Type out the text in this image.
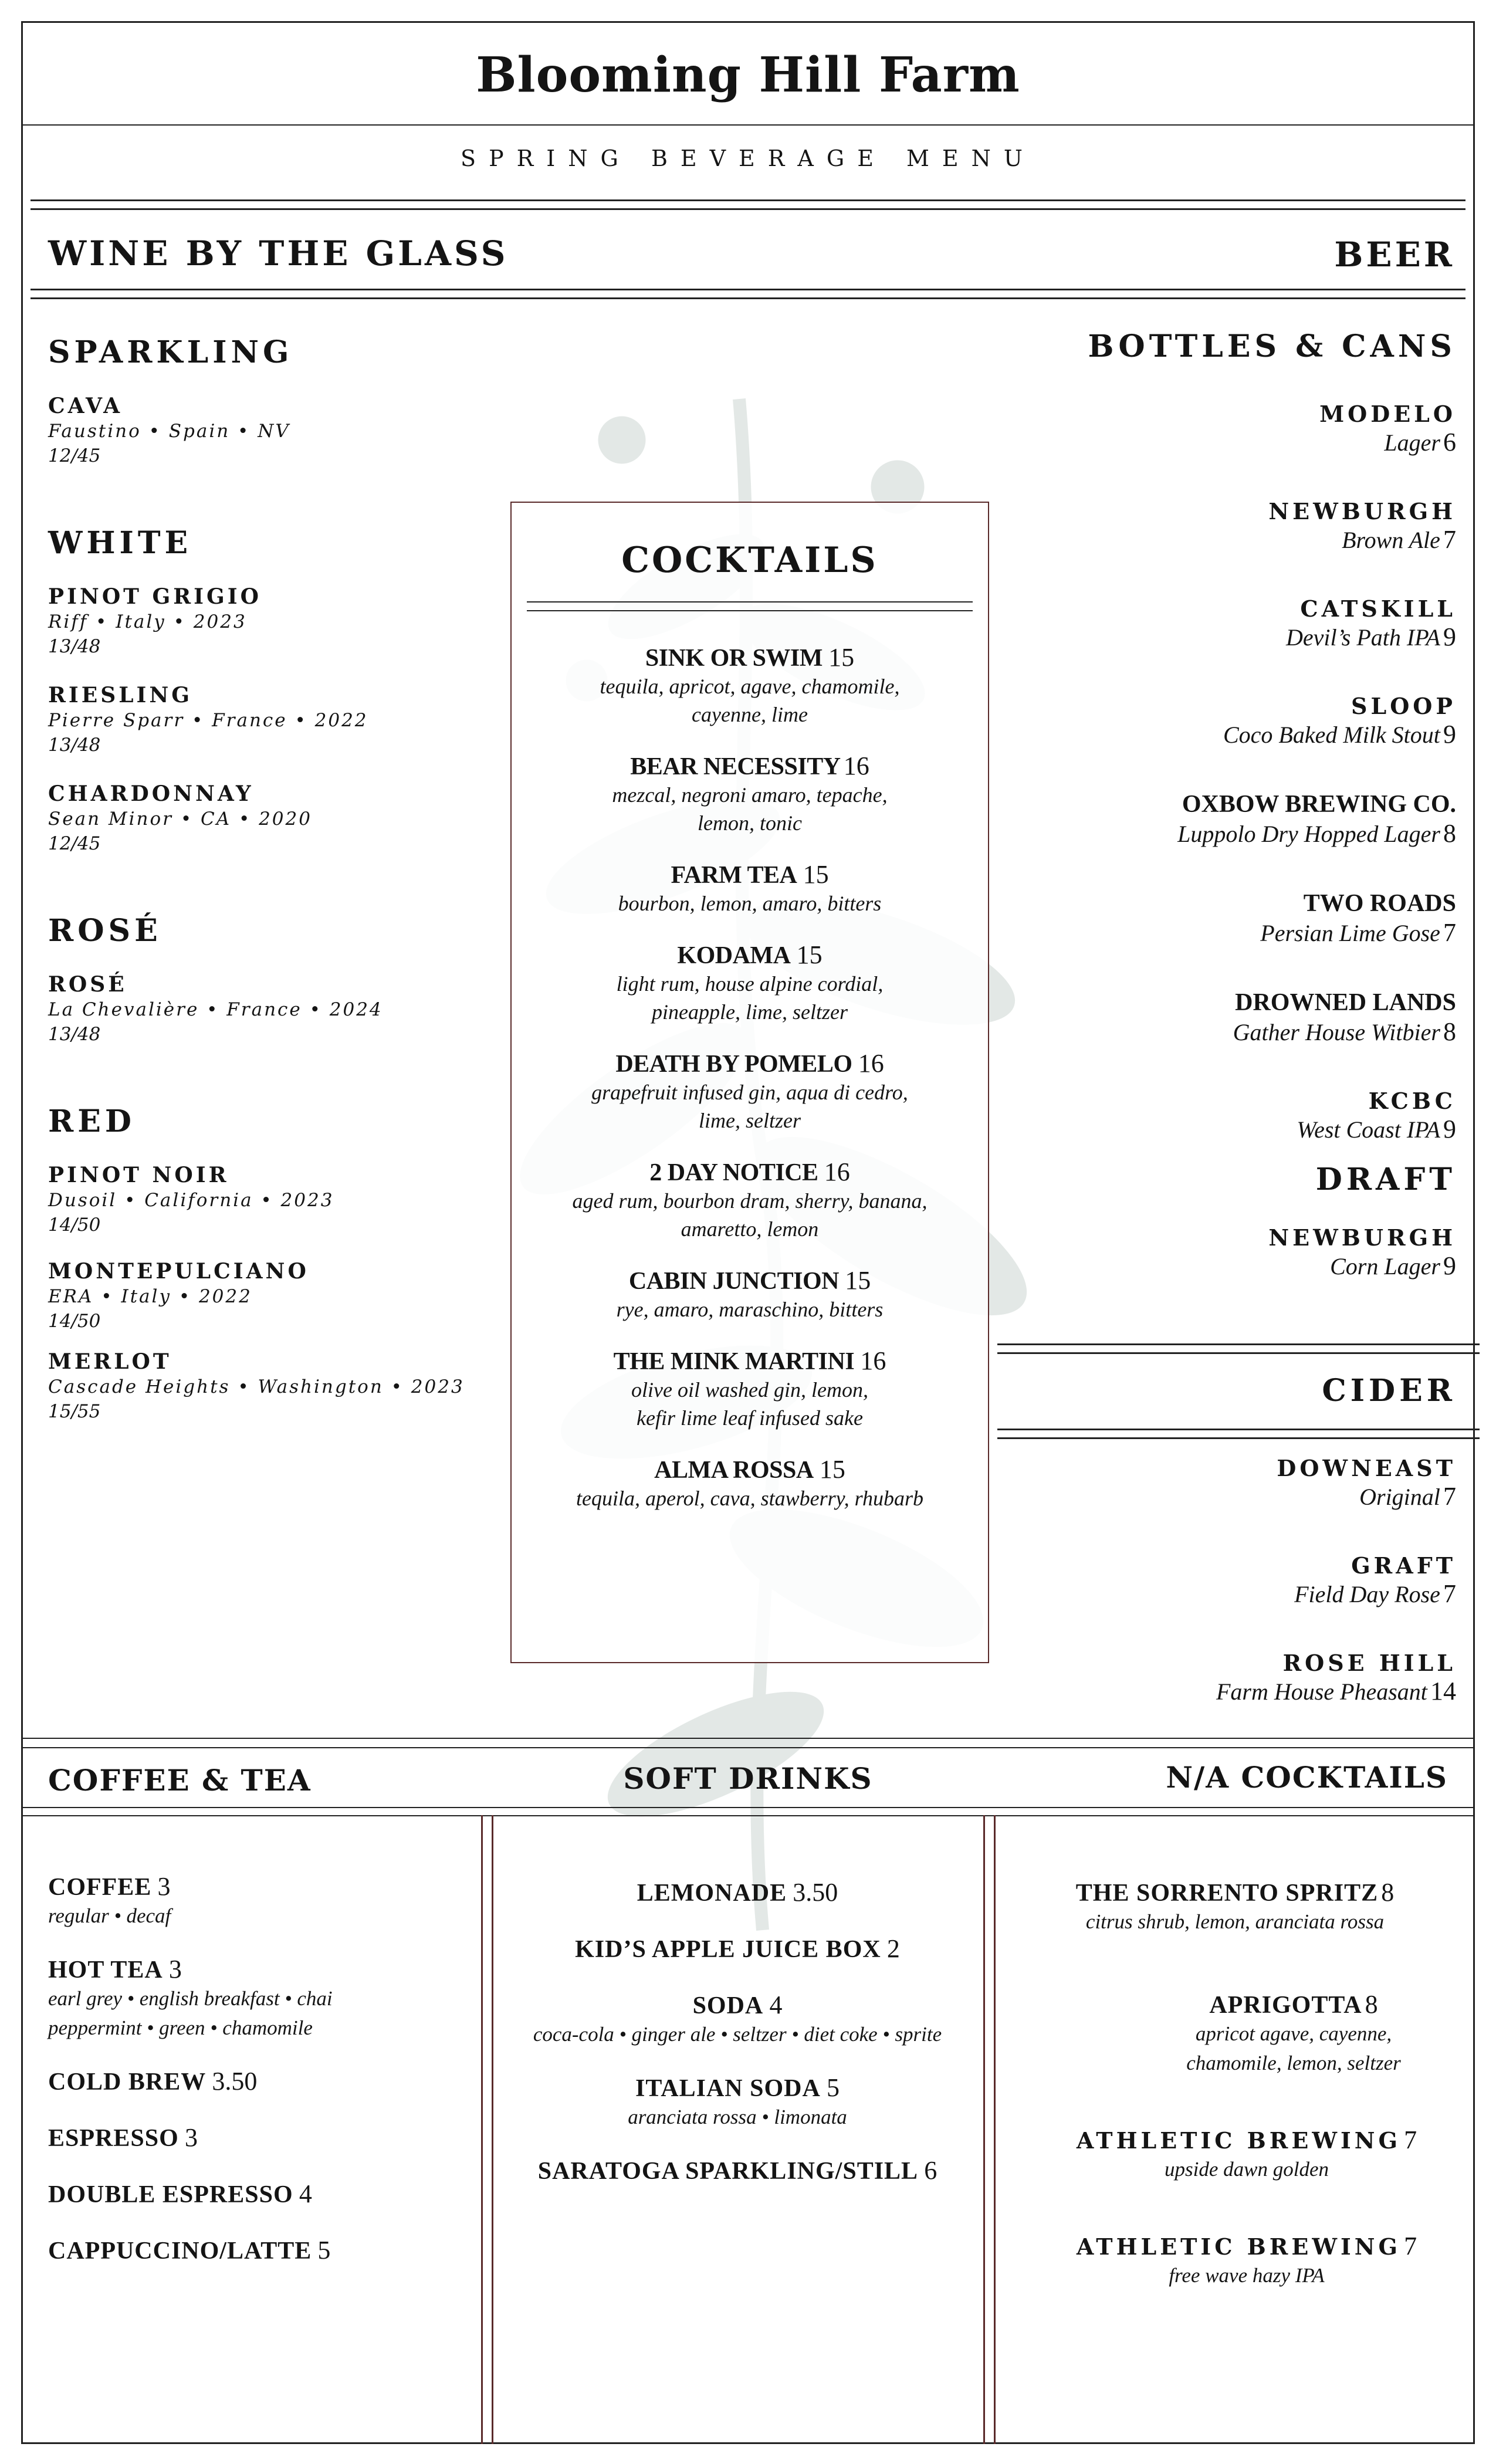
Blooming Hill Farm
SPRING BEVERAGE MENU
WINE BY THE GLASS	BEER
SPARKLING
CAVA
Faustino • Spain • NV
12/45
WHITE
PINOT GRIGIO
Riff • Italy • 2023
13/48
RIESLING
Pierre Sparr • France • 2022
13/48
CHARDONNAY
Sean Minor • CA • 2020
12/45
ROSÉ
ROSÉ
La Chevalière • France • 2024
13/48
RED
PINOT NOIR
Dusoil • California • 2023
14/50
MONTEPULCIANO
ERA • Italy • 2022
14/50
MERLOT
Cascade Heights • Washington • 2023
15/55
COCKTAILS
SINK OR SWIM 15
tequila, apricot, agave, chamomile,
cayenne, lime
BEAR NECESSITY 16
mezcal, negroni amaro, tepache,
lemon, tonic
FARM TEA 15
bourbon, lemon, amaro, bitters
KODAMA 15
light rum, house alpine cordial,
pineapple, lime, seltzer
DEATH BY POMELO 16
grapefruit infused gin, aqua di cedro,
lime, seltzer
2 DAY NOTICE 16
aged rum, bourbon dram, sherry, banana,
amaretto, lemon
CABIN JUNCTION 15
rye, amaro, maraschino, bitters
THE MINK MARTINI 16
olive oil washed gin, lemon,
kefir lime leaf infused sake
ALMA ROSSA 15
tequila, aperol, cava, stawberry, rhubarb
BOTTLES & CANS
MODELO
Lager 6
NEWBURGH
Brown Ale 7
CATSKILL
Devil’s Path IPA 9
SLOOP
Coco Baked Milk Stout 9
OXBOW BREWING CO.
Luppolo Dry Hopped Lager 8
TWO ROADS
Persian Lime Gose 7
DROWNED LANDS
Gather House Witbier 8
KCBC
West Coast IPA 9
DRAFT
NEWBURGH
Corn Lager 9
CIDER
DOWNEAST
Original 7
GRAFT
Field Day Rose 7
ROSE HILL
Farm House Pheasant 14
COFFEE & TEA	SOFT DRINKS	N/A COCKTAILS
COFFEE 3
regular • decaf
HOT TEA 3
earl grey • english breakfast • chai
peppermint • green • chamomile
COLD BREW 3.50
ESPRESSO 3
DOUBLE ESPRESSO 4
CAPPUCCINO/LATTE 5
LEMONADE 3.50
KID’S APPLE JUICE BOX 2
SODA 4
coca-cola • ginger ale • seltzer • diet coke • sprite
ITALIAN SODA 5
aranciata rossa • limonata
SARATOGA SPARKLING/STILL 6
THE SORRENTO SPRITZ 8
citrus shrub, lemon, aranciata rossa
APRIGOTTA 8
apricot agave, cayenne,
chamomile, lemon, seltzer
ATHLETIC BREWING 7
upside dawn golden
ATHLETIC BREWING 7
free wave hazy IPA
